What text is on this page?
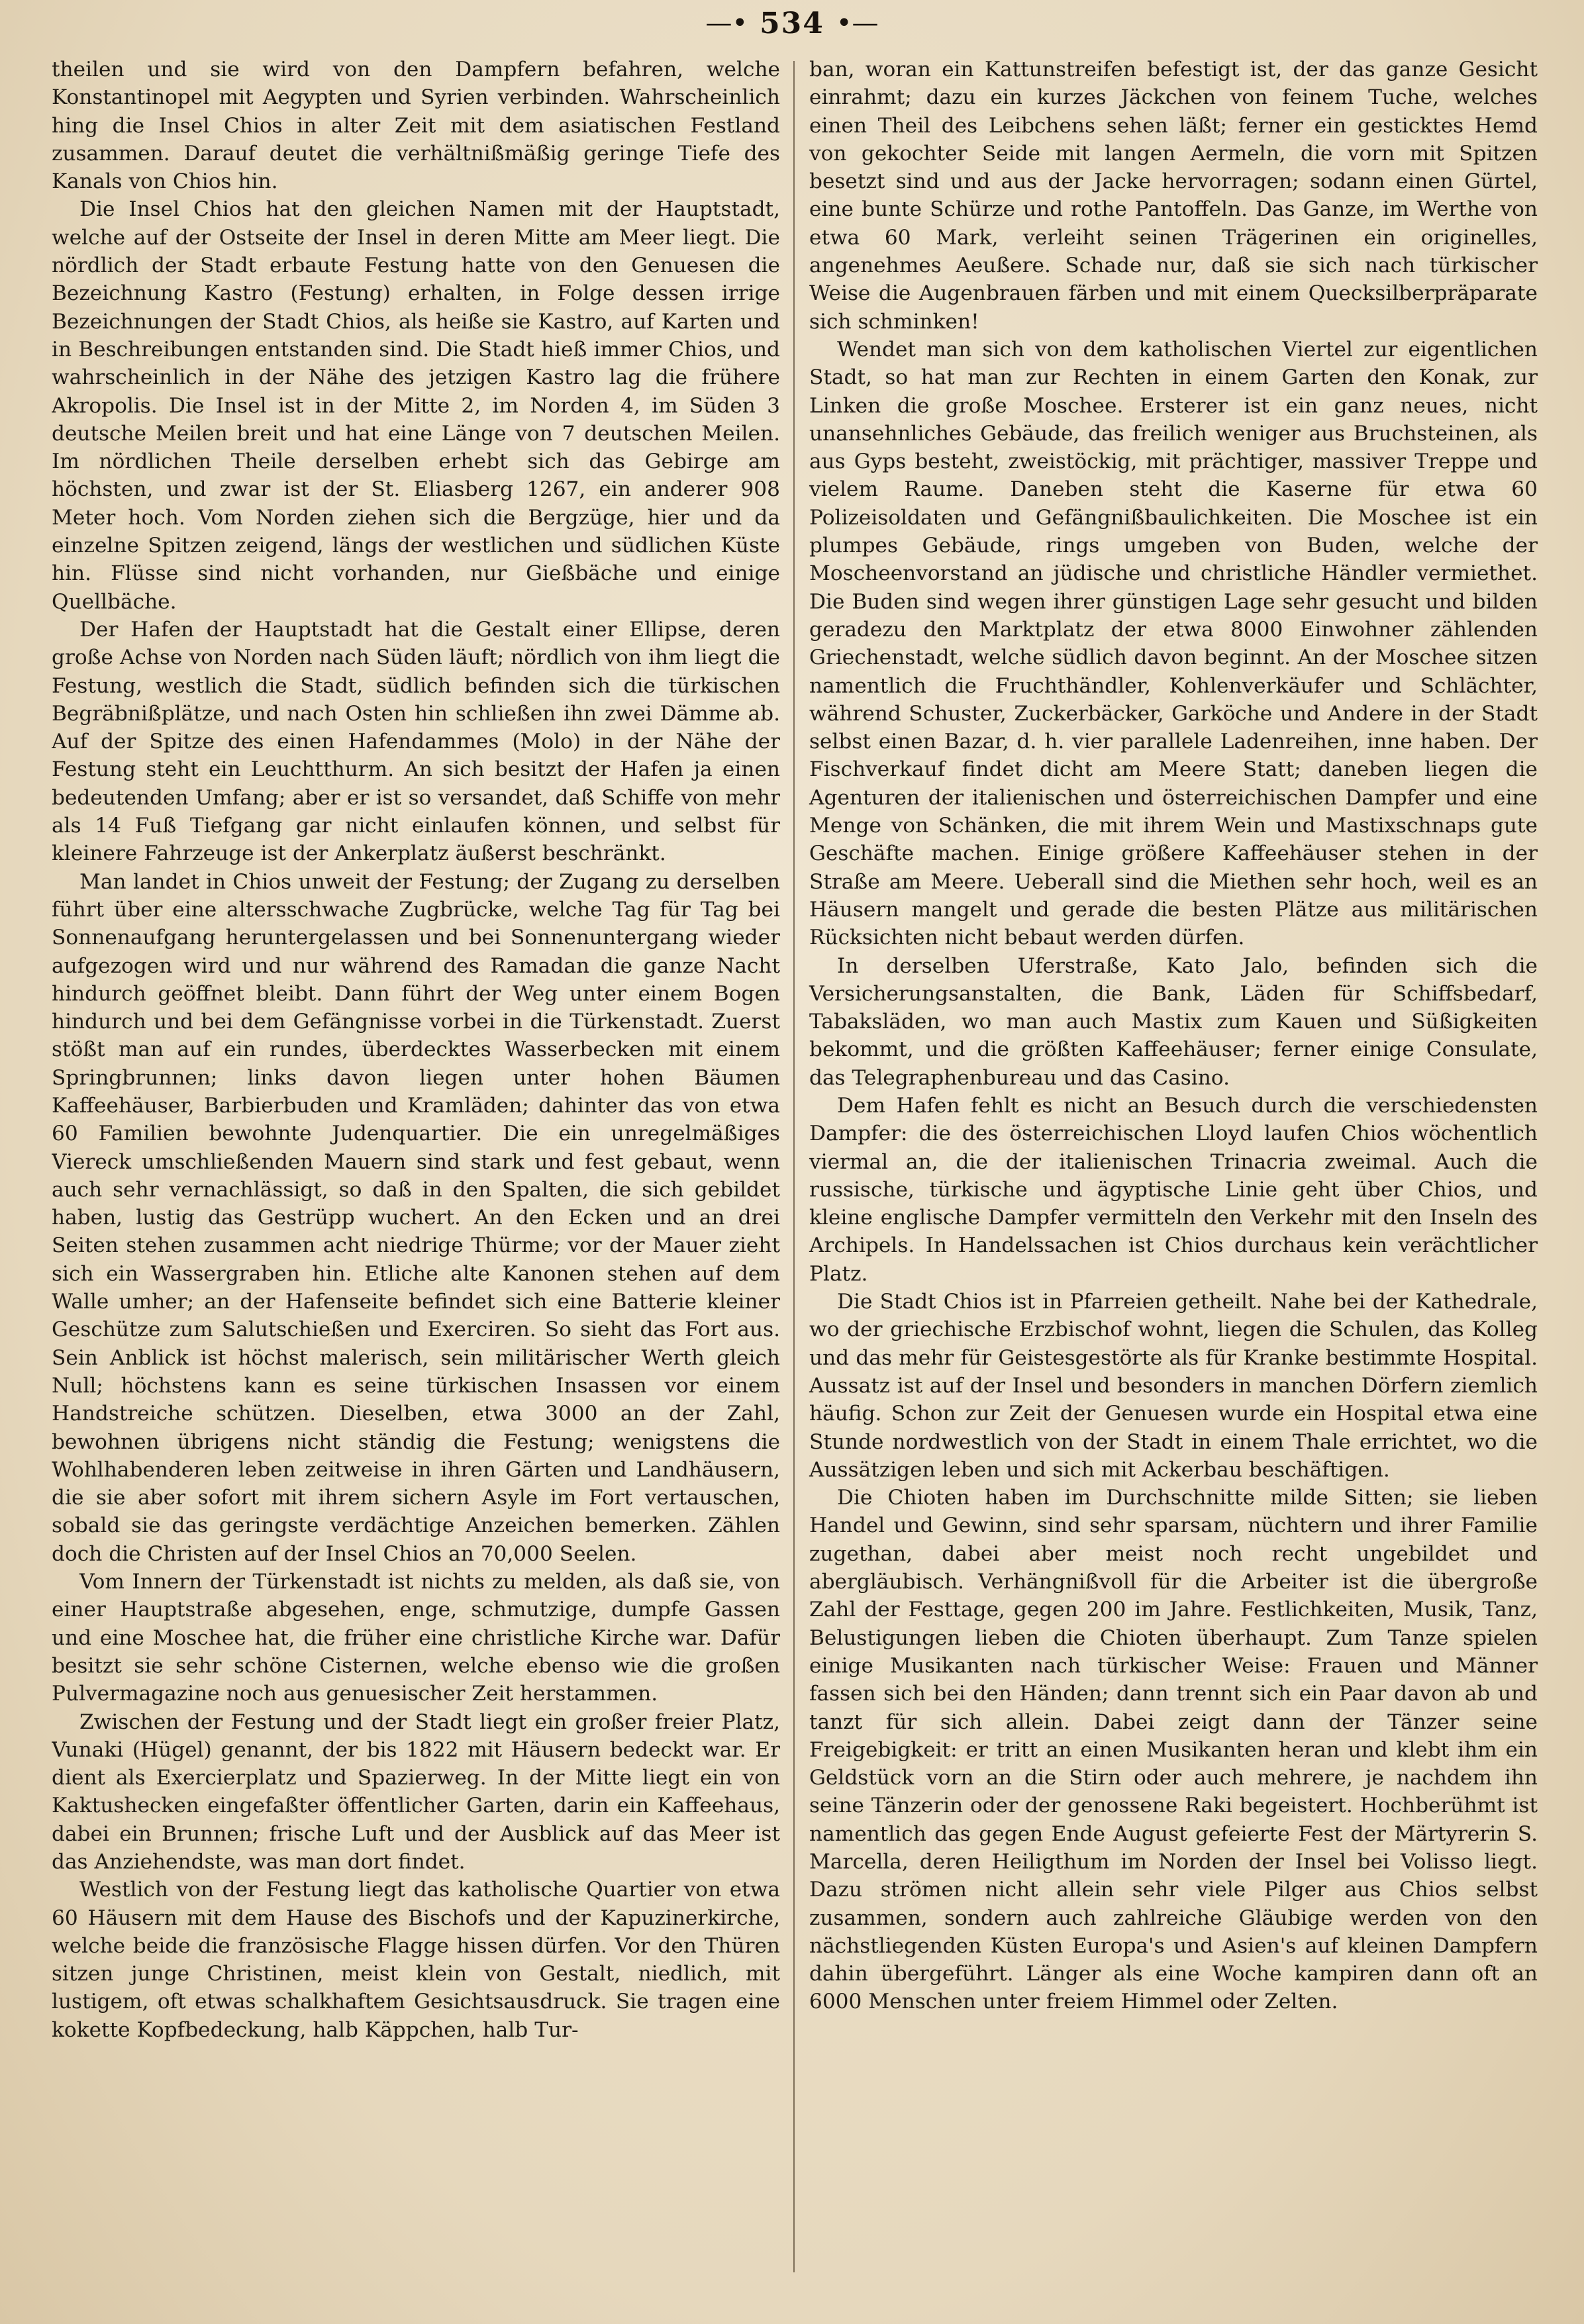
—• 534 •—

theilen und sie wird von den Dampfern befahren, welche Konstantinopel mit Aegypten und Syrien verbinden. Wahrscheinlich hing die Insel Chios in alter Zeit mit dem asiatischen Festland zusammen. Darauf deutet die verhältnißmäßig geringe Tiefe des Kanals von Chios hin.

Die Insel Chios hat den gleichen Namen mit der Hauptstadt, welche auf der Ostseite der Insel in deren Mitte am Meer liegt. Die nördlich der Stadt erbaute Festung hatte von den Genuesen die Bezeichnung Kastro (Festung) erhalten, in Folge dessen irrige Bezeichnungen der Stadt Chios, als heiße sie Kastro, auf Karten und in Beschreibungen entstanden sind. Die Stadt hieß immer Chios, und wahrscheinlich in der Nähe des jetzigen Kastro lag die frühere Akropolis. Die Insel ist in der Mitte 2, im Norden 4, im Süden 3 deutsche Meilen breit und hat eine Länge von 7 deutschen Meilen. Im nördlichen Theile derselben erhebt sich das Gebirge am höchsten, und zwar ist der St. Eliasberg 1267, ein anderer 908 Meter hoch. Vom Norden ziehen sich die Bergzüge, hier und da einzelne Spitzen zeigend, längs der westlichen und südlichen Küste hin. Flüsse sind nicht vorhanden, nur Gießbäche und einige Quellbäche.

Der Hafen der Hauptstadt hat die Gestalt einer Ellipse, deren große Achse von Norden nach Süden läuft; nördlich von ihm liegt die Festung, westlich die Stadt, südlich befinden sich die türkischen Begräbnißplätze, und nach Osten hin schließen ihn zwei Dämme ab. Auf der Spitze des einen Hafendammes (Molo) in der Nähe der Festung steht ein Leuchtthurm. An sich besitzt der Hafen ja einen bedeutenden Umfang; aber er ist so versandet, daß Schiffe von mehr als 14 Fuß Tiefgang gar nicht einlaufen können, und selbst für kleinere Fahrzeuge ist der Ankerplatz äußerst beschränkt.

Man landet in Chios unweit der Festung; der Zugang zu derselben führt über eine altersschwache Zugbrücke, welche Tag für Tag bei Sonnenaufgang heruntergelassen und bei Sonnenuntergang wieder aufgezogen wird und nur während des Ramadan die ganze Nacht hindurch geöffnet bleibt. Dann führt der Weg unter einem Bogen hindurch und bei dem Gefängnisse vorbei in die Türkenstadt. Zuerst stößt man auf ein rundes, überdecktes Wasserbecken mit einem Springbrunnen; links davon liegen unter hohen Bäumen Kaffeehäuser, Barbierbuden und Kramläden; dahinter das von etwa 60 Familien bewohnte Judenquartier. Die ein unregelmäßiges Viereck umschließenden Mauern sind stark und fest gebaut, wenn auch sehr vernachlässigt, so daß in den Spalten, die sich gebildet haben, lustig das Gestrüpp wuchert. An den Ecken und an drei Seiten stehen zusammen acht niedrige Thürme; vor der Mauer zieht sich ein Wassergraben hin. Etliche alte Kanonen stehen auf dem Walle umher; an der Hafenseite befindet sich eine Batterie kleiner Geschütze zum Salutschießen und Exerciren. So sieht das Fort aus. Sein Anblick ist höchst malerisch, sein militärischer Werth gleich Null; höchstens kann es seine türkischen Insassen vor einem Handstreiche schützen. Dieselben, etwa 3000 an der Zahl, bewohnen übrigens nicht ständig die Festung; wenigstens die Wohlhabenderen leben zeitweise in ihren Gärten und Landhäusern, die sie aber sofort mit ihrem sichern Asyle im Fort vertauschen, sobald sie das geringste verdächtige Anzeichen bemerken. Zählen doch die Christen auf der Insel Chios an 70,000 Seelen.

Vom Innern der Türkenstadt ist nichts zu melden, als daß sie, von einer Hauptstraße abgesehen, enge, schmutzige, dumpfe Gassen und eine Moschee hat, die früher eine christliche Kirche war. Dafür besitzt sie sehr schöne Cisternen, welche ebenso wie die großen Pulvermagazine noch aus genuesischer Zeit herstammen.

Zwischen der Festung und der Stadt liegt ein großer freier Platz, Vunaki (Hügel) genannt, der bis 1822 mit Häusern bedeckt war. Er dient als Exercierplatz und Spazierweg. In der Mitte liegt ein von Kaktushecken eingefaßter öffentlicher Garten, darin ein Kaffeehaus, dabei ein Brunnen; frische Luft und der Ausblick auf das Meer ist das Anziehendste, was man dort findet.

Westlich von der Festung liegt das katholische Quartier von etwa 60 Häusern mit dem Hause des Bischofs und der Kapuzinerkirche, welche beide die französische Flagge hissen dürfen. Vor den Thüren sitzen junge Christinen, meist klein von Gestalt, niedlich, mit lustigem, oft etwas schalkhaftem Gesichtsausdruck. Sie tragen eine kokette Kopfbedeckung, halb Käppchen, halb Tur-

ban, woran ein Kattunstreifen befestigt ist, der das ganze Gesicht einrahmt; dazu ein kurzes Jäckchen von feinem Tuche, welches einen Theil des Leibchens sehen läßt; ferner ein gesticktes Hemd von gekochter Seide mit langen Aermeln, die vorn mit Spitzen besetzt sind und aus der Jacke hervorragen; sodann einen Gürtel, eine bunte Schürze und rothe Pantoffeln. Das Ganze, im Werthe von etwa 60 Mark, verleiht seinen Trägerinen ein originelles, angenehmes Aeußere. Schade nur, daß sie sich nach türkischer Weise die Augenbrauen färben und mit einem Quecksilberpräparate sich schminken!

Wendet man sich von dem katholischen Viertel zur eigentlichen Stadt, so hat man zur Rechten in einem Garten den Konak, zur Linken die große Moschee. Ersterer ist ein ganz neues, nicht unansehnliches Gebäude, das freilich weniger aus Bruchsteinen, als aus Gyps besteht, zweistöckig, mit prächtiger, massiver Treppe und vielem Raume. Daneben steht die Kaserne für etwa 60 Polizeisoldaten und Gefängnißbaulichkeiten. Die Moschee ist ein plumpes Gebäude, rings umgeben von Buden, welche der Moscheenvorstand an jüdische und christliche Händler vermiethet. Die Buden sind wegen ihrer günstigen Lage sehr gesucht und bilden geradezu den Marktplatz der etwa 8000 Einwohner zählenden Griechenstadt, welche südlich davon beginnt. An der Moschee sitzen namentlich die Fruchthändler, Kohlenverkäufer und Schlächter, während Schuster, Zuckerbäcker, Garköche und Andere in der Stadt selbst einen Bazar, d. h. vier parallele Ladenreihen, inne haben. Der Fischverkauf findet dicht am Meere Statt; daneben liegen die Agenturen der italienischen und österreichischen Dampfer und eine Menge von Schänken, die mit ihrem Wein und Mastixschnaps gute Geschäfte machen. Einige größere Kaffeehäuser stehen in der Straße am Meere. Ueberall sind die Miethen sehr hoch, weil es an Häusern mangelt und gerade die besten Plätze aus militärischen Rücksichten nicht bebaut werden dürfen.

In derselben Uferstraße, Kato Jalo, befinden sich die Versicherungsanstalten, die Bank, Läden für Schiffsbedarf, Tabaksläden, wo man auch Mastix zum Kauen und Süßigkeiten bekommt, und die größten Kaffeehäuser; ferner einige Consulate, das Telegraphenbureau und das Casino.

Dem Hafen fehlt es nicht an Besuch durch die verschiedensten Dampfer: die des österreichischen Lloyd laufen Chios wöchentlich viermal an, die der italienischen Trinacria zweimal. Auch die russische, türkische und ägyptische Linie geht über Chios, und kleine englische Dampfer vermitteln den Verkehr mit den Inseln des Archipels. In Handelssachen ist Chios durchaus kein verächtlicher Platz.

Die Stadt Chios ist in Pfarreien getheilt. Nahe bei der Kathedrale, wo der griechische Erzbischof wohnt, liegen die Schulen, das Kolleg und das mehr für Geistesgestörte als für Kranke bestimmte Hospital. Aussatz ist auf der Insel und besonders in manchen Dörfern ziemlich häufig. Schon zur Zeit der Genuesen wurde ein Hospital etwa eine Stunde nordwestlich von der Stadt in einem Thale errichtet, wo die Aussätzigen leben und sich mit Ackerbau beschäftigen.

Die Chioten haben im Durchschnitte milde Sitten; sie lieben Handel und Gewinn, sind sehr sparsam, nüchtern und ihrer Familie zugethan, dabei aber meist noch recht ungebildet und abergläubisch. Verhängnißvoll für die Arbeiter ist die übergroße Zahl der Festtage, gegen 200 im Jahre. Festlichkeiten, Musik, Tanz, Belustigungen lieben die Chioten überhaupt. Zum Tanze spielen einige Musikanten nach türkischer Weise: Frauen und Männer fassen sich bei den Händen; dann trennt sich ein Paar davon ab und tanzt für sich allein. Dabei zeigt dann der Tänzer seine Freigebigkeit: er tritt an einen Musikanten heran und klebt ihm ein Geldstück vorn an die Stirn oder auch mehrere, je nachdem ihn seine Tänzerin oder der genossene Raki begeistert. Hochberühmt ist namentlich das gegen Ende August gefeierte Fest der Märtyrerin S. Marcella, deren Heiligthum im Norden der Insel bei Volisso liegt. Dazu strömen nicht allein sehr viele Pilger aus Chios selbst zusammen, sondern auch zahlreiche Gläubige werden von den nächstliegenden Küsten Europa's und Asien's auf kleinen Dampfern dahin übergeführt. Länger als eine Woche kampiren dann oft an 6000 Menschen unter freiem Himmel oder Zelten.
